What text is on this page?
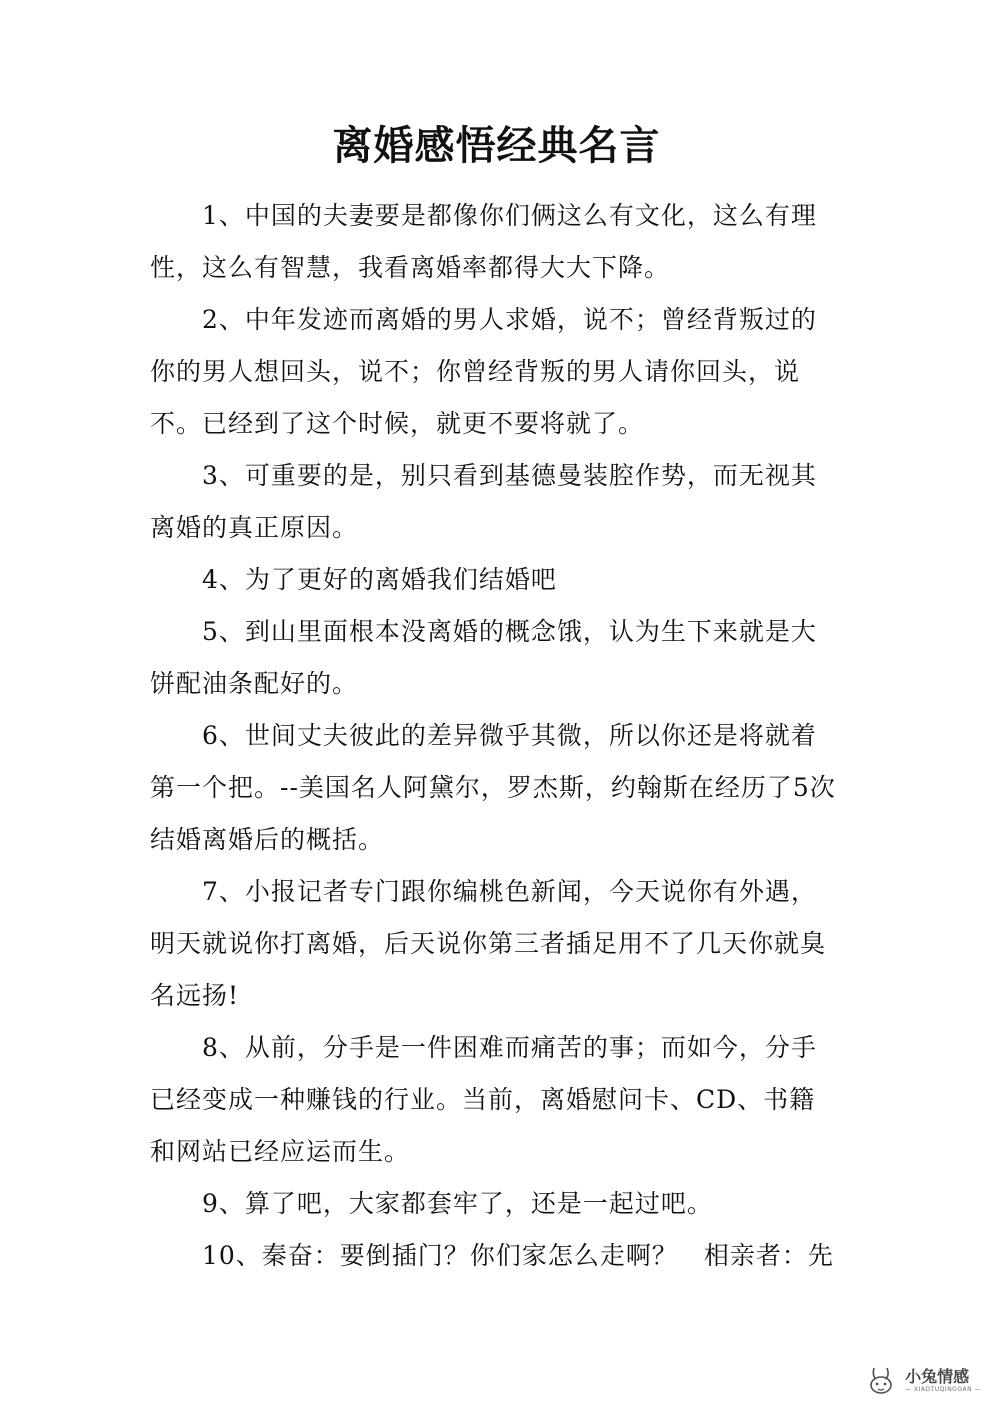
离婚感悟经典名言

1、中国的夫妻要是都像你们俩这么有文化，这么有理性，这么有智慧，我看离婚率都得大大下降。

2、中年发迹而离婚的男人求婚，说不；曾经背叛过的你的男人想回头，说不；你曾经背叛的男人请你回头，说不。已经到了这个时候，就更不要将就了。

3、可重要的是，别只看到基德曼装腔作势，而无视其离婚的真正原因。

4、为了更好的离婚我们结婚吧

5、到山里面根本没离婚的概念饿，认为生下来就是大饼配油条配好的。

6、世间丈夫彼此的差异微乎其微，所以你还是将就着第一个把。--美国名人阿黛尔，罗杰斯，约翰斯在经历了5次结婚离婚后的概括。

7、小报记者专门跟你编桃色新闻，今天说你有外遇，明天就说你打离婚，后天说你第三者插足用不了几天你就臭名远扬!

8、从前，分手是一件困难而痛苦的事；而如今，分手已经变成一种赚钱的行业。当前，离婚慰问卡、CD、书籍和网站已经应运而生。

9、算了吧，大家都套牢了，还是一起过吧。

10、秦奋：要倒插门？你们家怎么走啊？　相亲者：先

小兔情感
— XIAOTUQINGGAN —
